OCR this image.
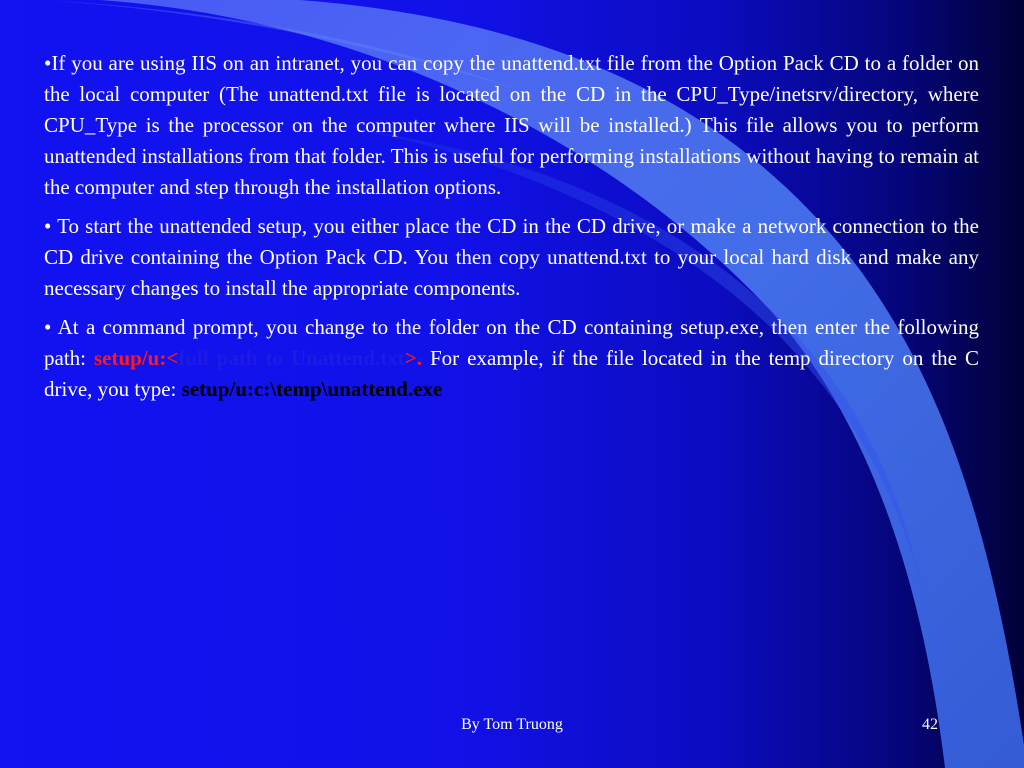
•If you are using IIS on an intranet, you can copy the unattend.txt file from the Option Pack CD to a folder on the local computer (The unattend.txt file is located on the CD in the CPU_Type/inetsrv/directory, where CPU_Type is the processor on the computer where IIS will be installed.) This file allows you to perform unattended installations from that folder. This is useful for performing installations without having to remain at the computer and step through the installation options.

• To start the unattended setup, you either place the CD in the CD drive, or make a network connection to the CD drive containing the Option Pack CD. You then copy unattend.txt to your local hard disk and make any necessary changes to install the appropriate components.

• At a command prompt, you change to the folder on the CD containing setup.exe, then enter the following path: setup/u:<full path to Unattend.txt>. For example, if the file located in the temp directory on the C drive, you type: setup/u:c:\temp\unattend.exe

By Tom Truong	42
